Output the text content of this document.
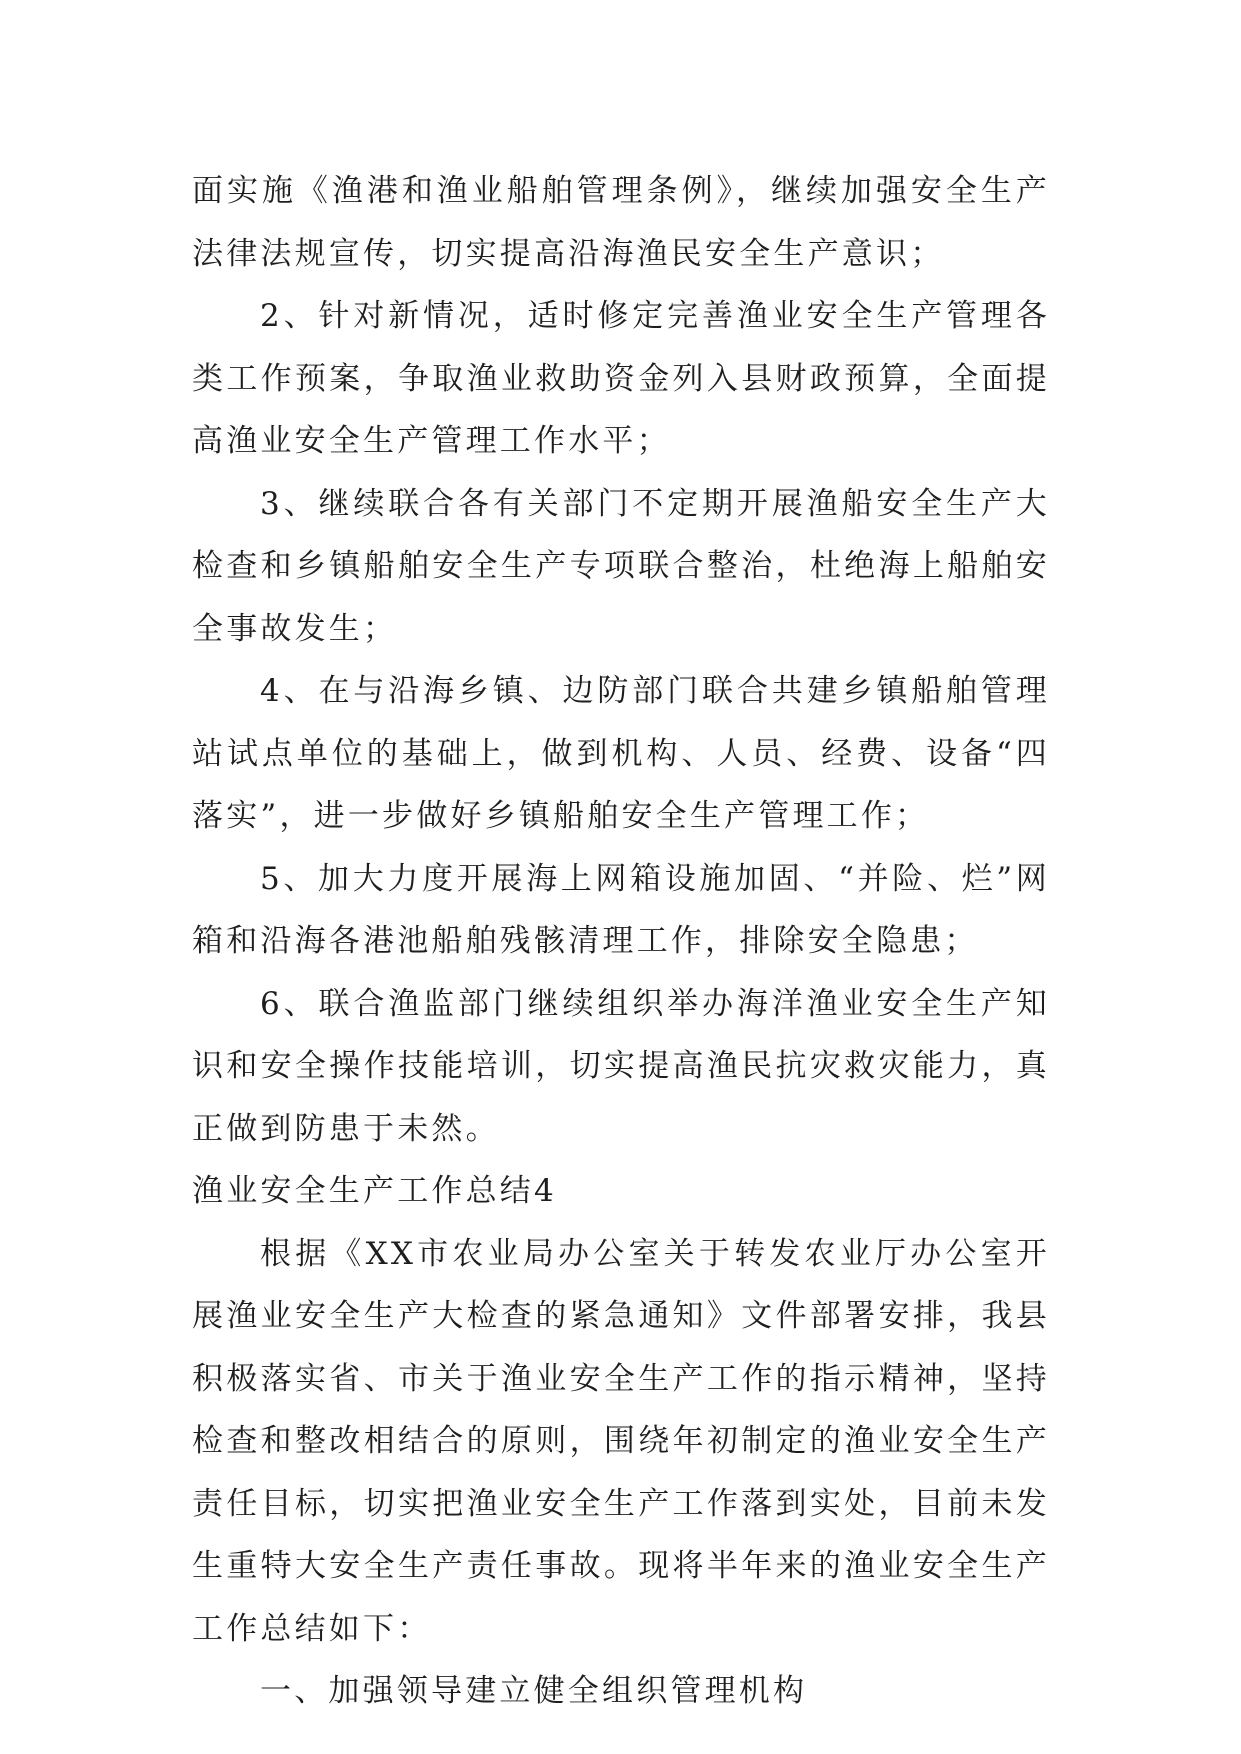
面实施《渔港和渔业船舶管理条例》，继续加强安全生产法律法规宣传，切实提高沿海渔民安全生产意识；

2、针对新情况，适时修定完善渔业安全生产管理各类工作预案，争取渔业救助资金列入县财政预算，全面提高渔业安全生产管理工作水平；

3、继续联合各有关部门不定期开展渔船安全生产大检查和乡镇船舶安全生产专项联合整治，杜绝海上船舶安全事故发生；

4、在与沿海乡镇、边防部门联合共建乡镇船舶管理站试点单位的基础上，做到机构、人员、经费、设备“四落实”，进一步做好乡镇船舶安全生产管理工作；

5、加大力度开展海上网箱设施加固、“并险、烂”网箱和沿海各港池船舶残骸清理工作，排除安全隐患；

6、联合渔监部门继续组织举办海洋渔业安全生产知识和安全操作技能培训，切实提高渔民抗灾救灾能力，真正做到防患于未然。

渔业安全生产工作总结4

根据《XX市农业局办公室关于转发农业厅办公室开展渔业安全生产大检查的紧急通知》文件部署安排，我县积极落实省、市关于渔业安全生产工作的指示精神，坚持检查和整改相结合的原则，围绕年初制定的渔业安全生产责任目标，切实把渔业安全生产工作落到实处，目前未发生重特大安全生产责任事故。现将半年来的渔业安全生产工作总结如下：

一、加强领导建立健全组织管理机构
